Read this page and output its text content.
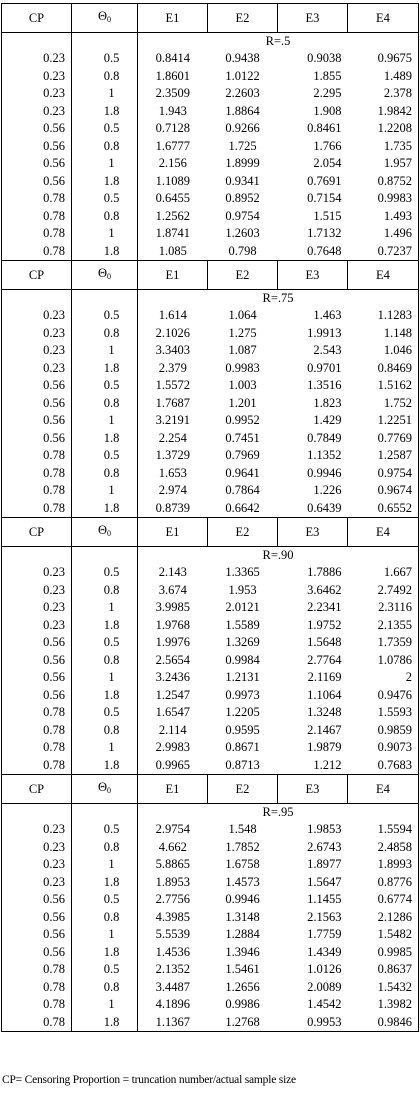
CP	$\Theta_0$	E1	E2	E3	E4
		R=.5			
0.23	0.5	0.8414	0.9438	0.9038	0.9675
0.23	0.8	1.8601	1.0122	1.855	1.489
0.23	1	2.3509	2.2603	2.295	2.378
0.23	1.8	1.943	1.8864	1.908	1.9842
0.56	0.5	0.7128	0.9266	0.8461	1.2208
0.56	0.8	1.6777	1.725	1.766	1.735
0.56	1	2.156	1.8999	2.054	1.957
0.56	1.8	1.1089	0.9341	0.7691	0.8752
0.78	0.5	0.6455	0.8952	0.7154	0.9983
0.78	0.8	1.2562	0.9754	1.515	1.493
0.78	1	1.8741	1.2603	1.7132	1.496
0.78	1.8	1.085	0.798	0.7648	0.7237
CP	$\Theta_0$	E1	E2	E3	E4
		R=.75			
0.23	0.5	1.614	1.064	1.463	1.1283
0.23	0.8	2.1026	1.275	1.9913	1.148
0.23	1	3.3403	1.087	2.543	1.046
0.23	1.8	2.379	0.9983	0.9701	0.8469
0.56	0.5	1.5572	1.003	1.3516	1.5162
0.56	0.8	1.7687	1.201	1.823	1.752
0.56	1	3.2191	0.9952	1.429	1.2251
0.56	1.8	2.254	0.7451	0.7849	0.7769
0.78	0.5	1.3729	0.7969	1.1352	1.2587
0.78	0.8	1.653	0.9641	0.9946	0.9754
0.78	1	2.974	0.7864	1.226	0.9674
0.78	1.8	0.8739	0.6642	0.6439	0.6552
CP	$\Theta_0$	E1	E2	E3	E4
		R=.90			
0.23	0.5	2.143	1.3365	1.7886	1.667
0.23	0.8	3.674	1.953	3.6462	2.7492
0.23	1	3.9985	2.0121	2.2341	2.3116
0.23	1.8	1.9768	1.5589	1.9752	2.1355
0.56	0.5	1.9976	1.3269	1.5648	1.7359
0.56	0.8	2.5654	0.9984	2.7764	1.0786
0.56	1	3.2436	1.2131	2.1169	2
0.56	1.8	1.2547	0.9973	1.1064	0.9476
0.78	0.5	1.6547	1.2205	1.3248	1.5593
0.78	0.8	2.114	0.9595	2.1467	0.9859
0.78	1	2.9983	0.8671	1.9879	0.9073
0.78	1.8	0.9965	0.8713	1.212	0.7683
CP	$\Theta_0$	E1	E2	E3	E4
		R=.95			
0.23	0.5	2.9754	1.548	1.9853	1.5594
0.23	0.8	4.662	1.7852	2.6743	2.4858
0.23	1	5.8865	1.6758	1.8977	1.8993
0.23	1.8	1.8953	1.4573	1.5647	0.8776
0.56	0.5	2.7756	0.9946	1.1455	0.6774
0.56	0.8	4.3985	1.3148	2.1563	2.1286
0.56	1	5.5539	1.2884	1.7759	1.5482
0.56	1.8	1.4536	1.3946	1.4349	0.9985
0.78	0.5	2.1352	1.5461	1.0126	0.8637
0.78	0.8	3.4487	1.2656	2.0089	1.5432
0.78	1	4.1896	0.9986	1.4542	1.3982
0.78	1.8	1.1367	1.2768	0.9953	0.9846
CP= Censoring Proportion = truncation number/actual sample size
